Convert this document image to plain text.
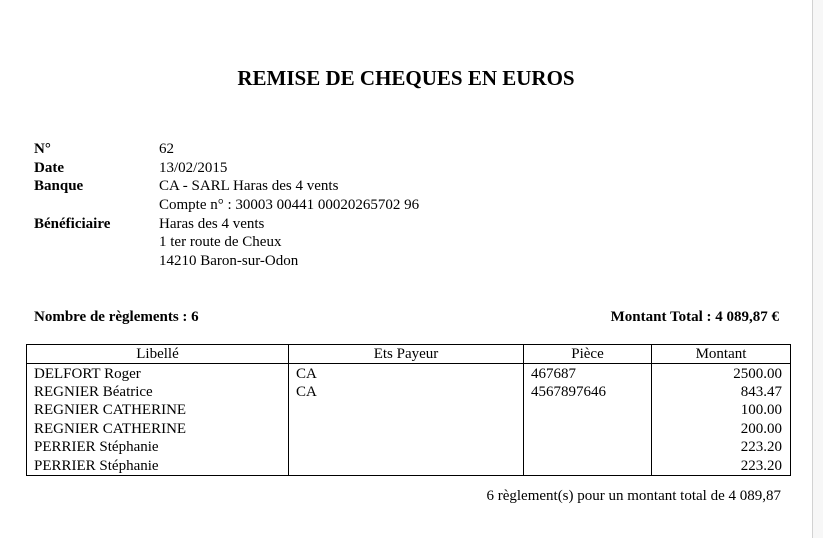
REMISE DE CHEQUES EN EUROS
N°	62
Date	13/02/2015
Banque	CA - SARL Haras des 4 vents
Compte n° : 30003 00441 00020265702 96
Bénéficiaire	Haras des 4 vents
1 ter route de Cheux
14210 Baron-sur-Odon
Nombre de règlements : 6	Montant Total : 4 089,87 €
Libellé	Ets Payeur	Pièce	Montant
DELFORT Roger	CA	467687	2500.00
REGNIER Béatrice	CA	4567897646	843.47
REGNIER CATHERINE			100.00
REGNIER CATHERINE			200.00
PERRIER Stéphanie			223.20
PERRIER Stéphanie			223.20
6 règlement(s) pour un montant total de 4 089,87
